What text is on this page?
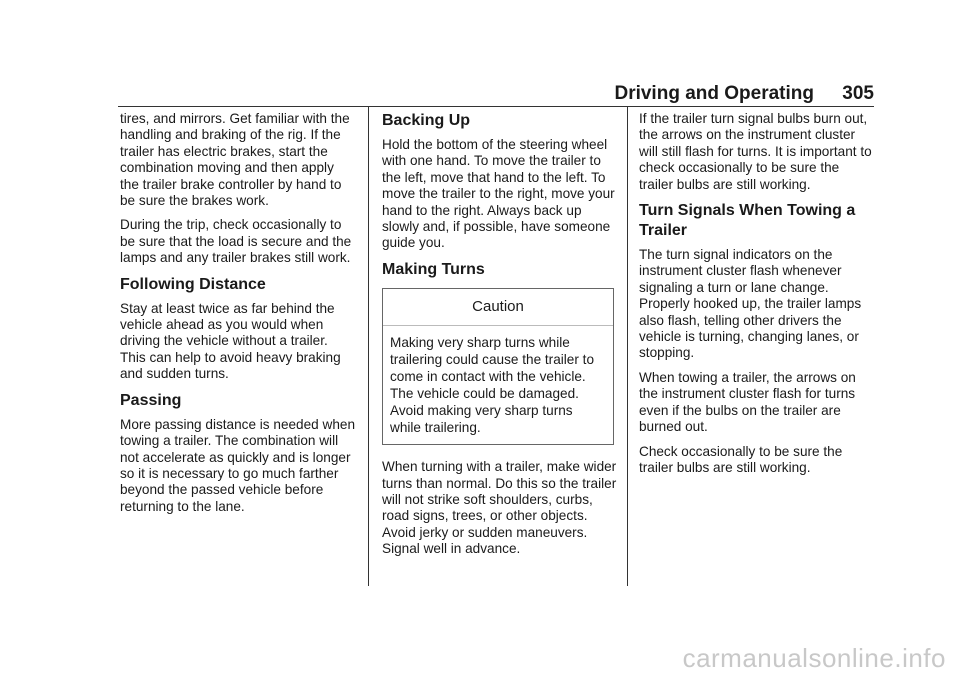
Driving and Operating 305

tires, and mirrors. Get familiar with the handling and braking of the rig. If the trailer has electric brakes, start the combination moving and then apply the trailer brake controller by hand to be sure the brakes work.

During the trip, check occasionally to be sure that the load is secure and the lamps and any trailer brakes still work.

Following Distance

Stay at least twice as far behind the vehicle ahead as you would when driving the vehicle without a trailer. This can help to avoid heavy braking and sudden turns.

Passing

More passing distance is needed when towing a trailer. The combination will not accelerate as quickly and is longer so it is necessary to go much farther beyond the passed vehicle before returning to the lane.

Backing Up

Hold the bottom of the steering wheel with one hand. To move the trailer to the left, move that hand to the left. To move the trailer to the right, move your hand to the right. Always back up slowly and, if possible, have someone guide you.

Making Turns
Caution
Making very sharp turns while trailering could cause the trailer to come in contact with the vehicle. The vehicle could be damaged. Avoid making very sharp turns while trailering.

When turning with a trailer, make wider turns than normal. Do this so the trailer will not strike soft shoulders, curbs, road signs, trees, or other objects. Avoid jerky or sudden maneuvers. Signal well in advance.

If the trailer turn signal bulbs burn out, the arrows on the instrument cluster will still flash for turns. It is important to check occasionally to be sure the trailer bulbs are still working.

Turn Signals When Towing a Trailer

The turn signal indicators on the instrument cluster flash whenever signaling a turn or lane change. Properly hooked up, the trailer lamps also flash, telling other drivers the vehicle is turning, changing lanes, or stopping.

When towing a trailer, the arrows on the instrument cluster flash for turns even if the bulbs on the trailer are burned out.

Check occasionally to be sure the trailer bulbs are still working.

carmanualsonline.info
